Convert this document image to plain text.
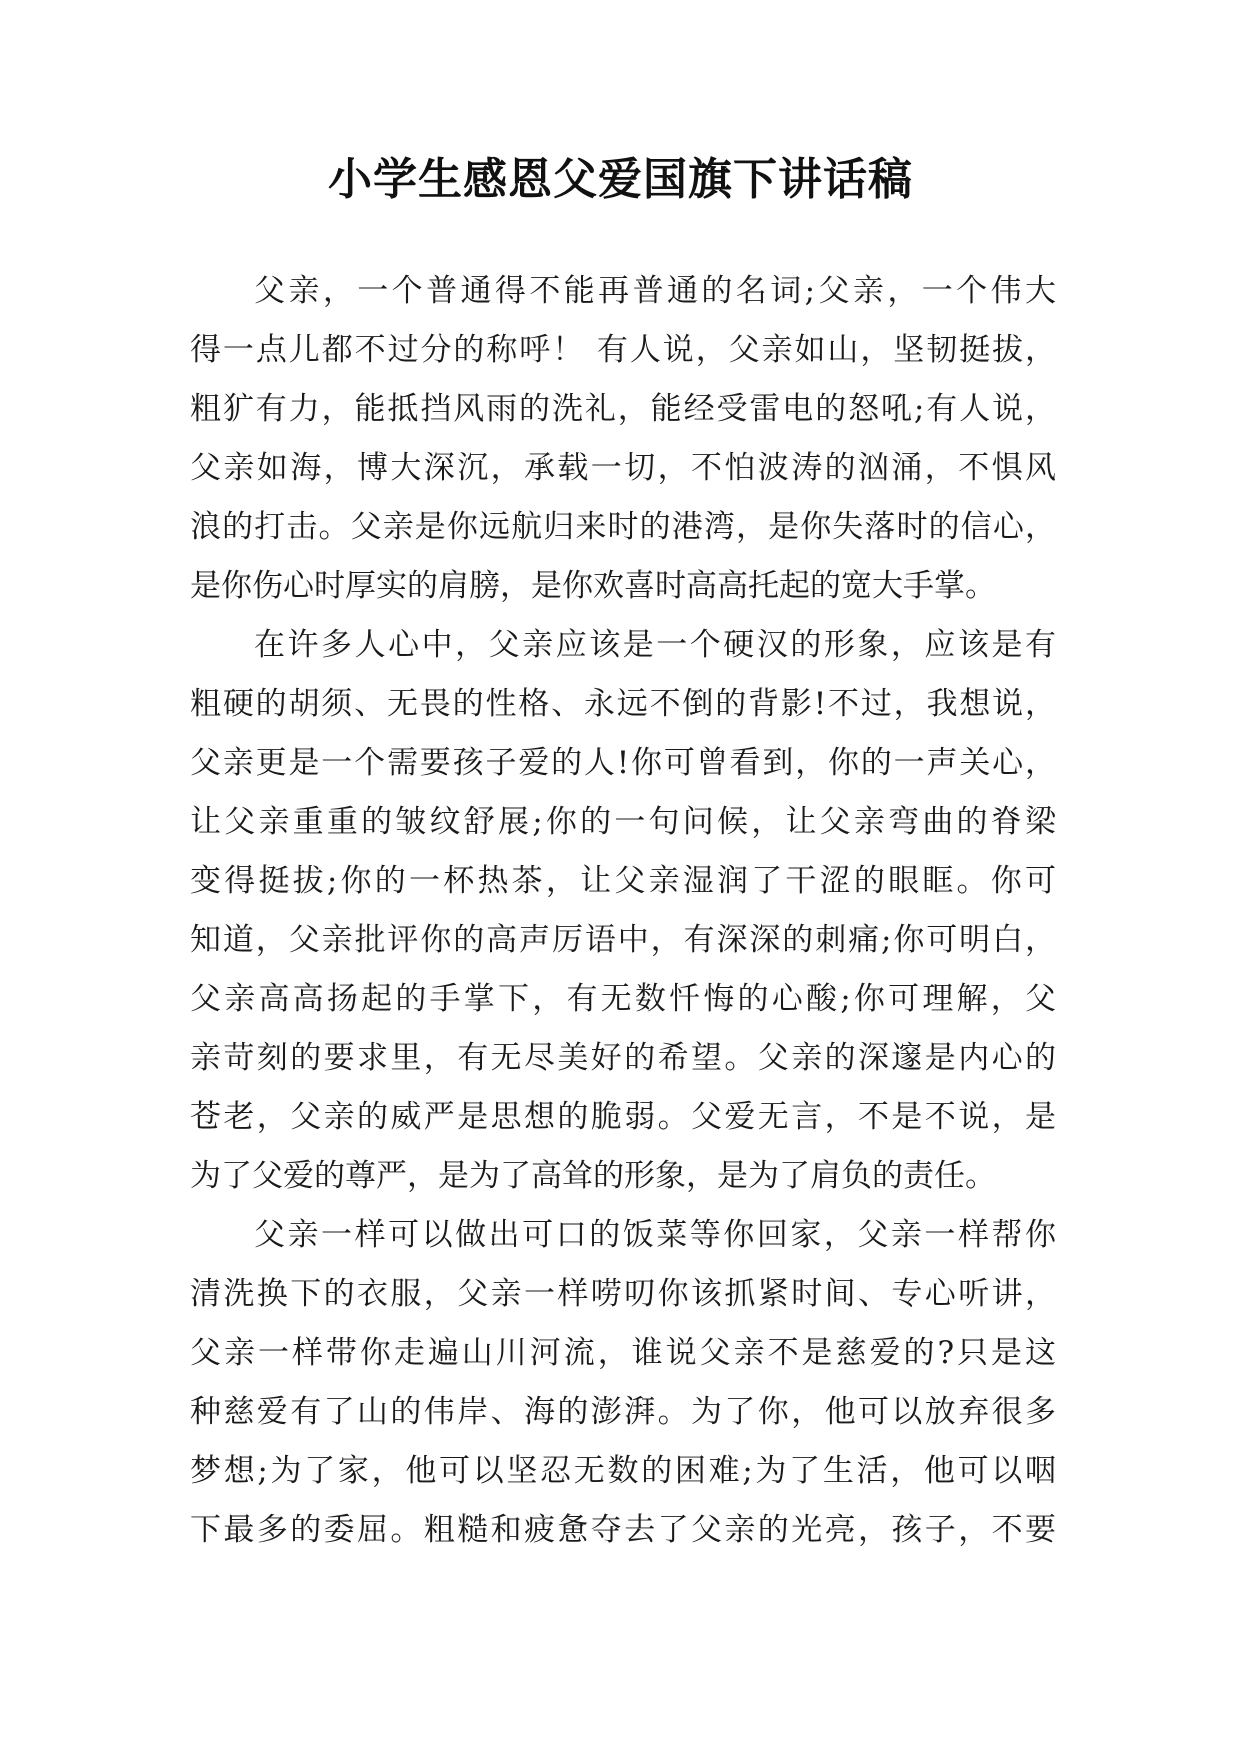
小学生感恩父爱国旗下讲话稿
父亲，一个普通得不能再普通的名词;父亲，一个伟大
得一点儿都不过分的称呼！ 有人说，父亲如山，坚韧挺拔，
粗犷有力，能抵挡风雨的洗礼，能经受雷电的怒吼;有人说，
父亲如海，博大深沉，承载一切，不怕波涛的汹涌，不惧风
浪的打击。父亲是你远航归来时的港湾，是你失落时的信心，
是你伤心时厚实的肩膀，是你欢喜时高高托起的宽大手掌。
在许多人心中，父亲应该是一个硬汉的形象，应该是有
粗硬的胡须、无畏的性格、永远不倒的背影!不过，我想说，
父亲更是一个需要孩子爱的人!你可曾看到，你的一声关心，
让父亲重重的皱纹舒展;你的一句问候，让父亲弯曲的脊梁
变得挺拔;你的一杯热茶，让父亲湿润了干涩的眼眶。你可
知道，父亲批评你的高声厉语中，有深深的刺痛;你可明白，
父亲高高扬起的手掌下，有无数忏悔的心酸;你可理解，父
亲苛刻的要求里，有无尽美好的希望。父亲的深邃是内心的
苍老，父亲的威严是思想的脆弱。父爱无言，不是不说，是
为了父爱的尊严，是为了高耸的形象，是为了肩负的责任。
父亲一样可以做出可口的饭菜等你回家，父亲一样帮你
清洗换下的衣服，父亲一样唠叨你该抓紧时间、专心听讲，
父亲一样带你走遍山川河流，谁说父亲不是慈爱的?只是这
种慈爱有了山的伟岸、海的澎湃。为了你，他可以放弃很多
梦想;为了家，他可以坚忍无数的困难;为了生活，他可以咽
下最多的委屈。粗糙和疲惫夺去了父亲的光亮，孩子，不要
